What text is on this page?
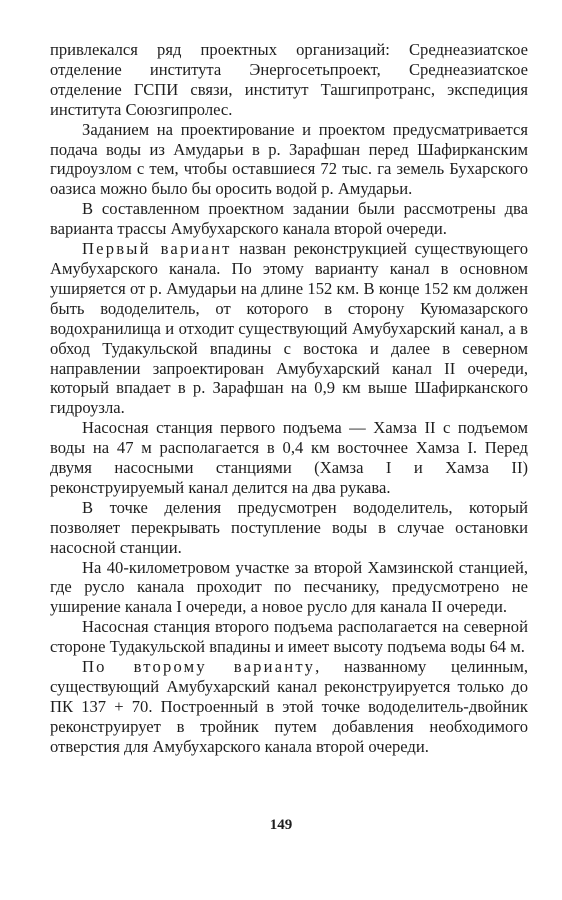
привлекался ряд проектных организаций: Среднеазиатское отделение института Энергосетьпроект, Среднеазиатское отделение ГСПИ связи, институт Ташгипротранс, экспедиция института Союзгипролес.

Заданием на проектирование и проектом предусматривается подача воды из Амударьи в р. Зарафшан перед Шафирканским гидроузлом с тем, чтобы оставшиеся 72 тыс. га земель Бухарского оазиса можно было бы оросить водой р. Амударьи.

В составленном проектном задании были рассмотрены два варианта трассы Амубухарского канала второй очереди.

Первый вариант назван реконструкцией существующего Амубухарского канала. По этому варианту канал в основном уширяется от р. Амударьи на длине 152 км. В конце 152 км должен быть вододелитель, от которого в сторону Куюмазарского водохранилища и отходит существующий Амубухарский канал, а в обход Тудакульской впадины с востока и далее в северном направлении запроектирован Амубухарский канал II очереди, который впадает в р. Зарафшан на 0,9 км выше Шафирканского гидроузла.

Насосная станция первого подъема — Хамза II с подъемом воды на 47 м располагается в 0,4 км восточнее Хамза I. Перед двумя насосными станциями (Хамза I и Хамза II) реконструируемый канал делится на два рукава.

В точке деления предусмотрен вододелитель, который позволяет перекрывать поступление воды в случае остановки насосной станции.

На 40-километровом участке за второй Хамзинской станцией, где русло канала проходит по песчанику, предусмотрено не уширение канала I очереди, а новое русло для канала II очереди.

Насосная станция второго подъема располагается на северной стороне Тудакульской впадины и имеет высоту подъема воды 64 м.

По второму варианту, названному целинным, существующий Амубухарский канал реконструируется только до ПК 137 + 70. Построенный в этой точке вододелитель-двойник реконструирует в тройник путем добавления необходимого отверстия для Амубухарского канала второй очереди.

149
